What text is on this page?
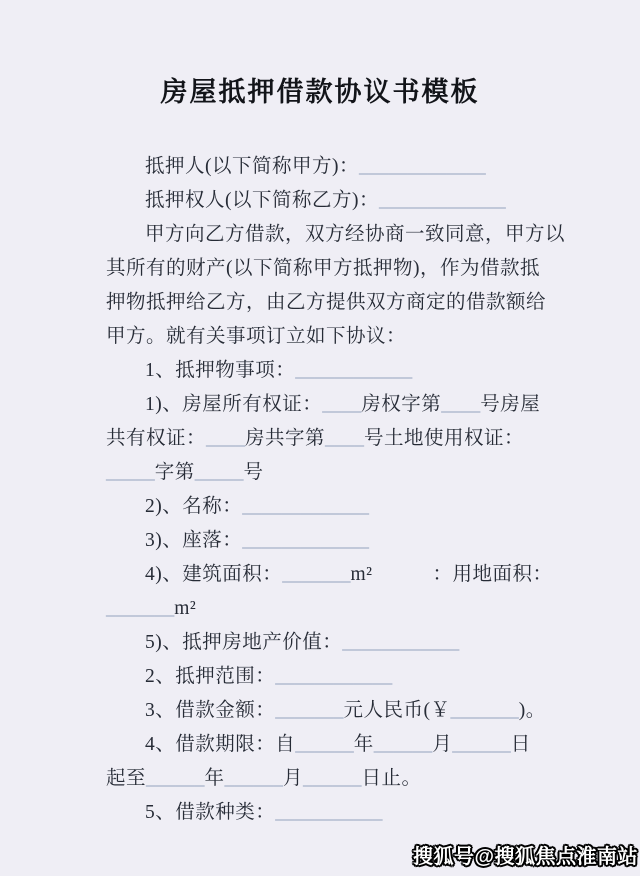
房屋抵押借款协议书模板

抵押人(以下简称甲方)：_____________

抵押权人(以下简称乙方)：_____________

甲方向乙方借款，双方经协商一致同意，甲方以

其所有的财产(以下简称甲方抵押物)，作为借款抵

押物抵押给乙方，由乙方提供双方商定的借款额给

甲方。就有关事项订立如下协议：

1、抵押物事项：____________

1)、房屋所有权证：____房权字第____号房屋

共有权证：____房共字第____号土地使用权证：

_____字第_____号

2)、名称：_____________

3)、座落：_____________

4)、建筑面积：_______m²　　　：用地面积：

_______m²

5)、抵押房地产价值：____________

2、抵押范围：____________

3、借款金额：_______元人民币(￥_______)。

4、借款期限：自______年______月______日

起至______年______月______日止。

5、借款种类：___________

搜狐号@搜狐焦点淮南站
